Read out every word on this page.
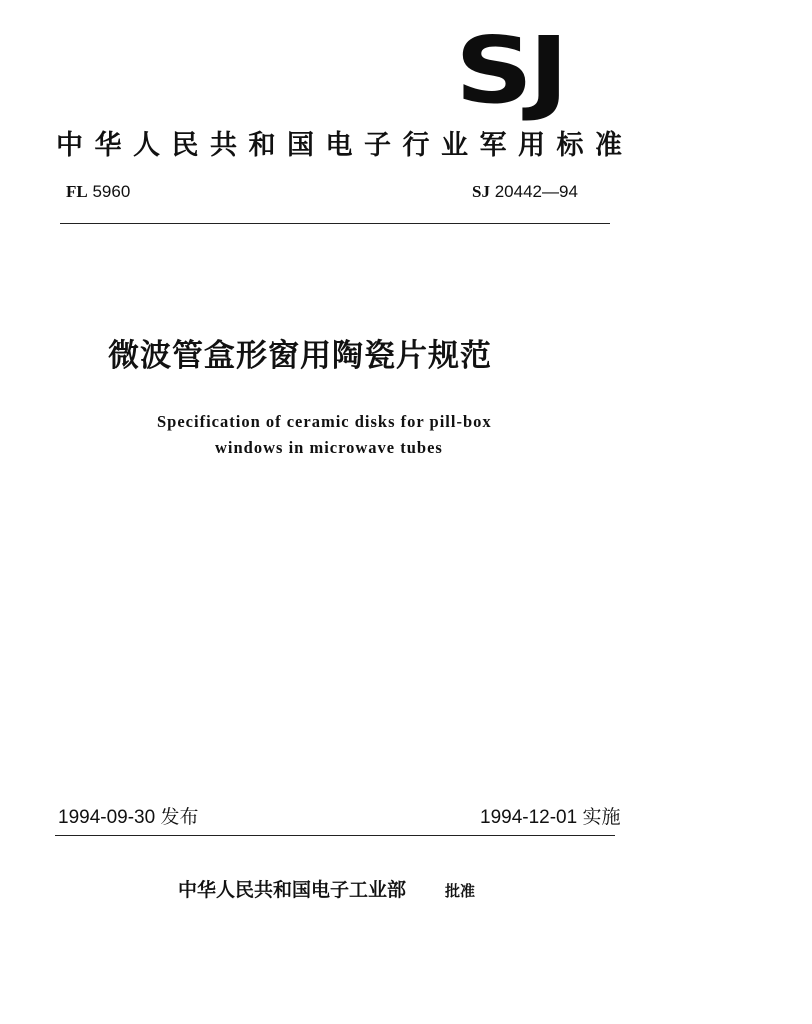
SJ
中华人民共和国电子行业军用标准
FL 5960	SJ 20442—94
微波管盒形窗用陶瓷片规范
Specification of ceramic disks for pill-box
windows in microwave tubes
1994-09-30 发布	1994-12-01 实施
中华人民共和国电子工业部	批准
